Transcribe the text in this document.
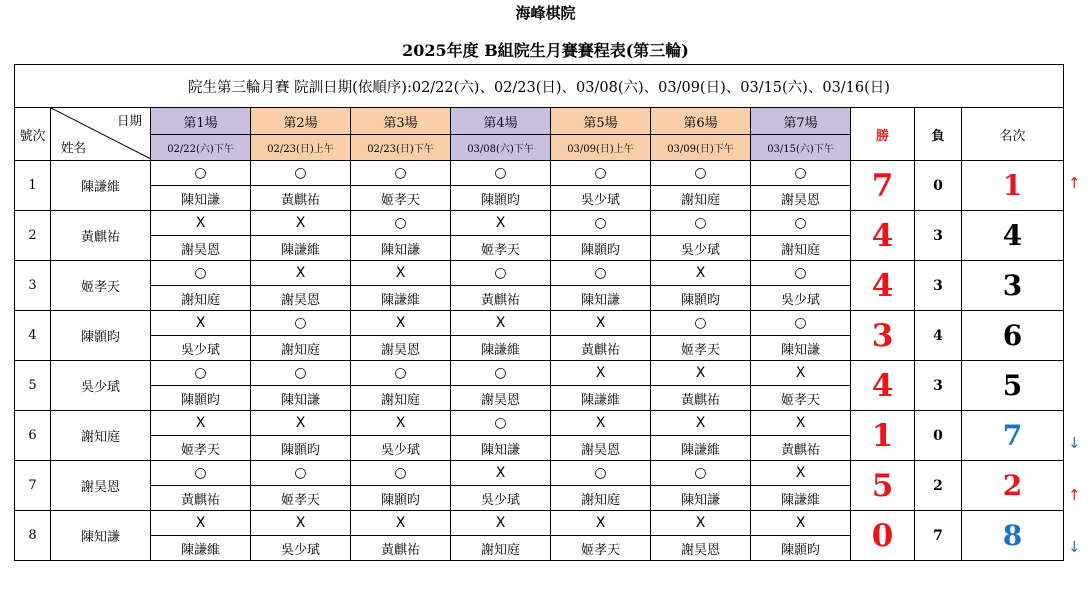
海峰棋院
2025年度 B組院生月賽賽程表(第三輪)
院生第三輪月賽 院訓日期(依順序):02/22(六)、02/23(日)、03/08(六)、03/09(日)、03/15(六)、03/16(日)											
號次	日期
姓名	第1場	第2場	第3場	第4場	第5場	第6場	第7場	勝	負	名次
		02/22(六)下午	02/23(日)上午	02/23(日)下午	03/08(六)下午	03/09(日)上午	03/09(日)下午	03/15(六)下午			
1	陳謙維	○	○	○	○	○	○	○	7	0	1
		陳知謙	黃麒祐	姬孝天	陳顥昀	吳少珷	謝知庭	謝昊恩			
2	黃麒祐	X	X	○	X	○	○	○	4	3	4
		謝昊恩	陳謙維	陳知謙	姬孝天	陳顥昀	吳少珷	謝知庭			
3	姬孝天	○	X	X	○	○	X	○	4	3	3
		謝知庭	謝昊恩	陳謙維	黃麒祐	陳知謙	陳顥昀	吳少珷			
4	陳顥昀	X	○	X	X	X	○	○	3	4	6
		吳少珷	謝知庭	謝昊恩	陳謙維	黃麒祐	姬孝天	陳知謙			
5	吳少珷	○	○	○	○	X	X	X	4	3	5
		陳顥昀	陳知謙	謝知庭	謝昊恩	陳謙維	黃麒祐	姬孝天			
6	謝知庭	X	X	X	○	X	X	X	1	0	7
		姬孝天	陳顥昀	吳少珷	陳知謙	謝昊恩	陳謙維	黃麒祐			
7	謝昊恩	○	○	○	X	○	○	X	5	2	2
		黃麒祐	姬孝天	陳顥昀	吳少珷	謝知庭	陳知謙	陳謙維			
8	陳知謙	X	X	X	X	X	X	X	0	7	8
		陳謙維	吳少珷	黃麒祐	謝知庭	姬孝天	謝昊恩	陳顥昀			
↑
↓
↑
↓
